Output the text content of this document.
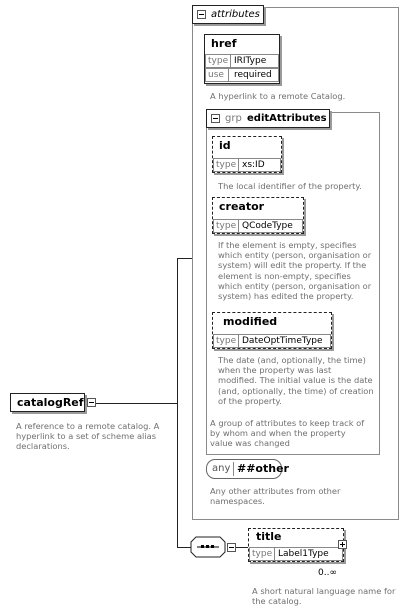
attributes
href
type IRIType
use	required
A hyperlink to a remote Catalog.
grp editAttributes
id
type xs:ID
The local identifier of the property.
creator
type QCodeType
If the element is empty, specifies
which entity (person, organisation or
system) will edit the property. If the
element is non-empty, specifies
which entity (person, organisation or
system) has edited the property.
modified
type DateOptTimeType
The date (and, optionally, the time)
when the property was last
modified. The initial value is the date
(and, optionally, the time) of creation
of the property.
A group of attributes to keep track of by whom and when the property value was changed
any ##other
Any other attributes from other
namespaces.
catalogRef
A reference to a remote catalog. A
hyperlink to a set of scheme alias
declarations.
title
type Label1Type
0..∞
A short natural language name for
the catalog.
